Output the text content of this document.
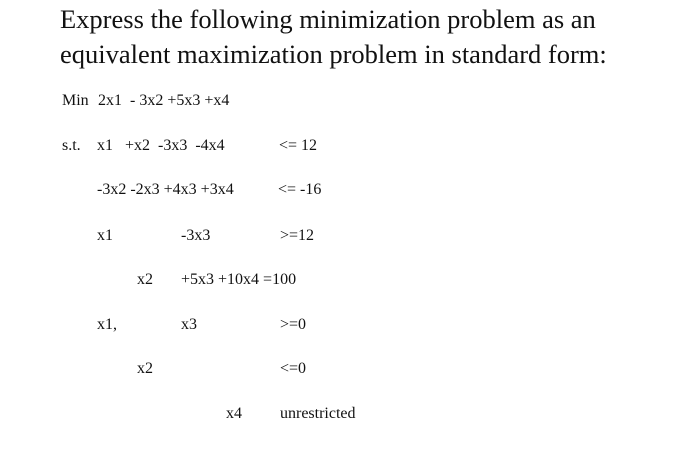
Express the following minimization problem as an
equivalent maximization problem in standard form:
Min 2x1  - 3x2 +5x3 +x4
s.t. x1   +x2  -3x3  -4x4	<= 12
-3x2 -2x3 +4x3 +3x4	<= -16
x1	-3x3	>=12
x2 +5x3 +10x4 =100
x1,	x3	>=0
x2	<=0
x4 unrestricted
